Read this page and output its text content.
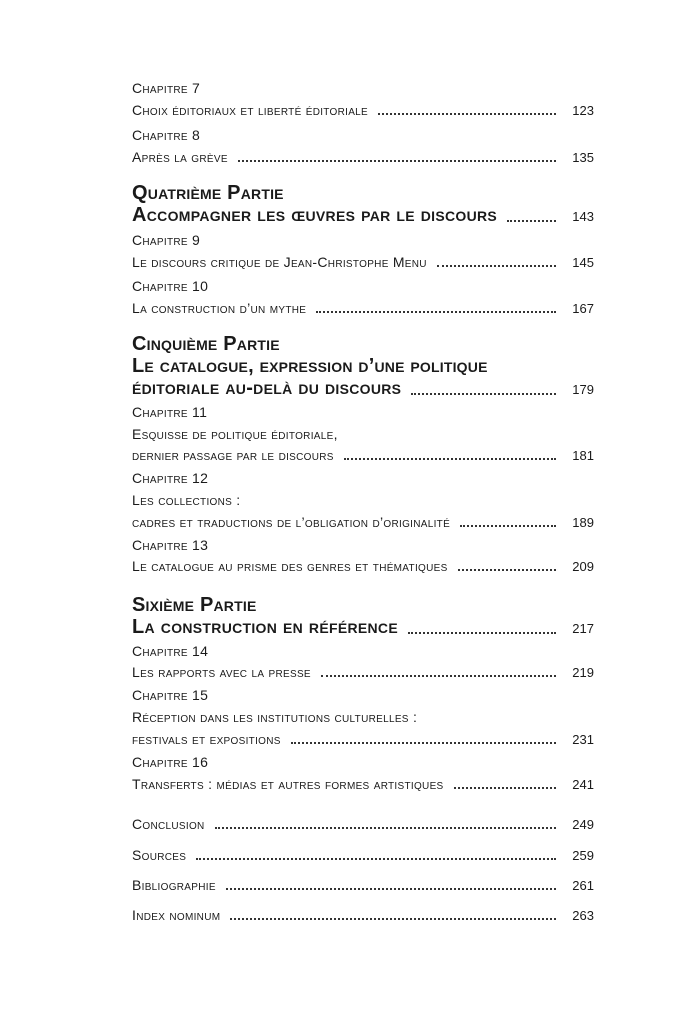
Chapitre 7
Choix éditoriaux et liberté éditoriale	123
Chapitre 8
Après la grève	135
Quatrième Partie
Accompagner les œuvres par le discours	143
Chapitre 9
Le discours critique de Jean-Christophe Menu	145
Chapitre 10
La construction d’un mythe	167
Cinquième Partie
Le catalogue, expression d’une politique
éditoriale au-delà du discours	179
Chapitre 11
Esquisse de politique éditoriale,
dernier passage par le discours	181
Chapitre 12
Les collections :
cadres et traductions de l’obligation d’originalité	189
Chapitre 13
Le catalogue au prisme des genres et thématiques	209
Sixième Partie
La construction en référence	217
Chapitre 14
Les rapports avec la presse	219
Chapitre 15
Réception dans les institutions culturelles :
festivals et expositions	231
Chapitre 16
Transferts : médias et autres formes artistiques	241
Conclusion	249
Sources	259
Bibliographie	261
Index nominum	263
